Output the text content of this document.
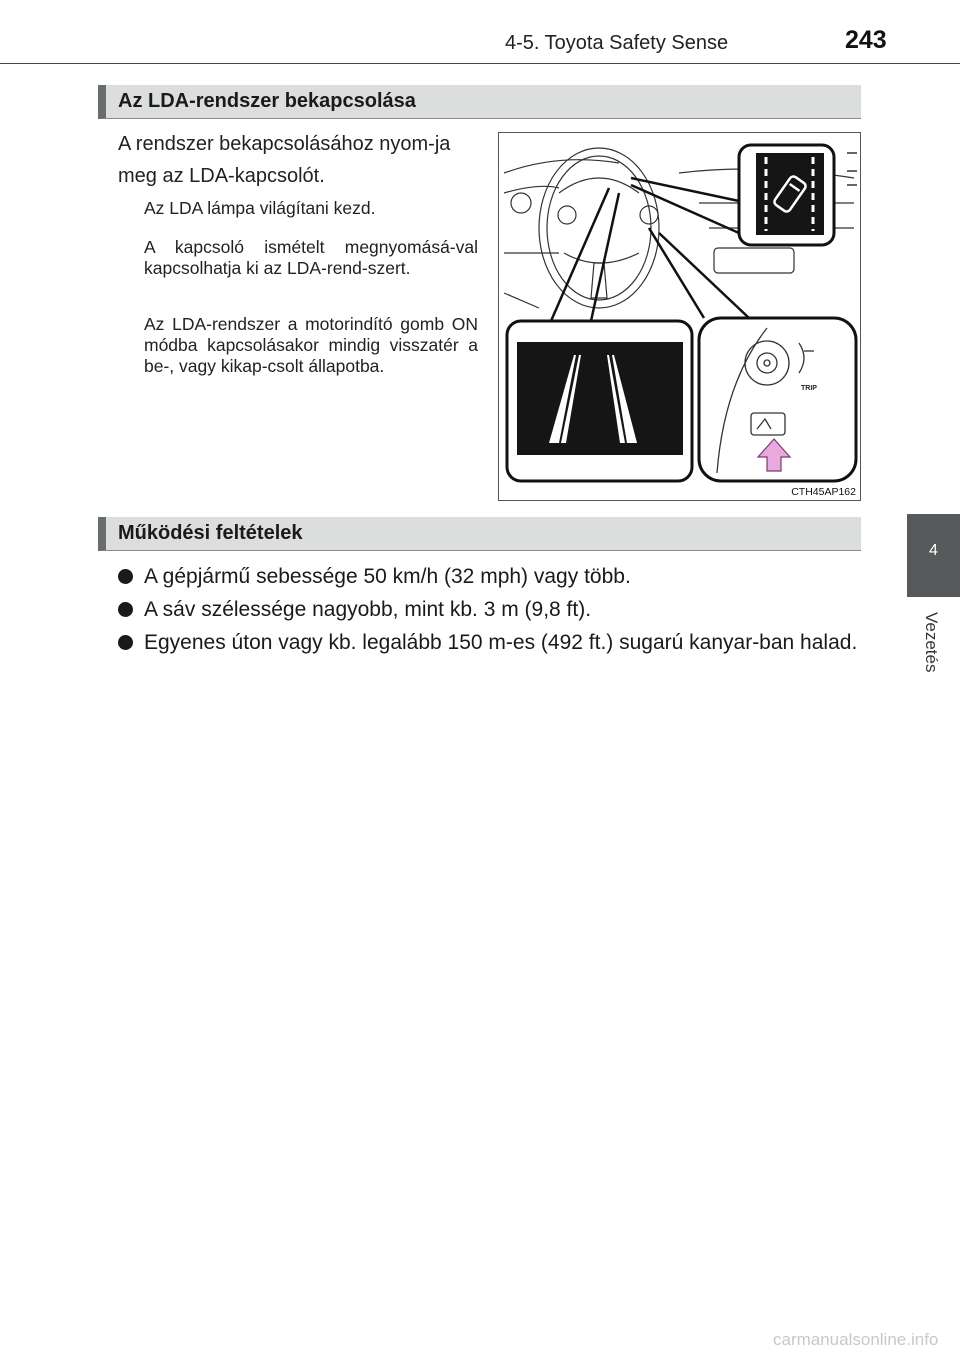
4-5. Toyota Safety Sense	243
Az LDA-rendszer bekapcsolása
A rendszer bekapcsolásához nyom-ja meg az LDA-kapcsolót.
Az LDA lámpa világítani kezd.
A kapcsoló ismételt megnyomásá-val kapcsolhatja ki az LDA-rend-szert.
Az LDA-rendszer a motorindító gomb ON módba kapcsolásakor mindig visszatér a be-, vagy kikap-csolt állapotba.
TRIP
CTH45AP162
Működési feltételek
A gépjármű sebessége 50 km/h (32 mph) vagy több.
A sáv szélessége nagyobb, mint kb. 3 m (9,8 ft).
Egyenes úton vagy kb. legalább 150 m-es (492 ft.) sugarú kanyar-ban halad.
4
Vezetés
carmanualsonline.info
